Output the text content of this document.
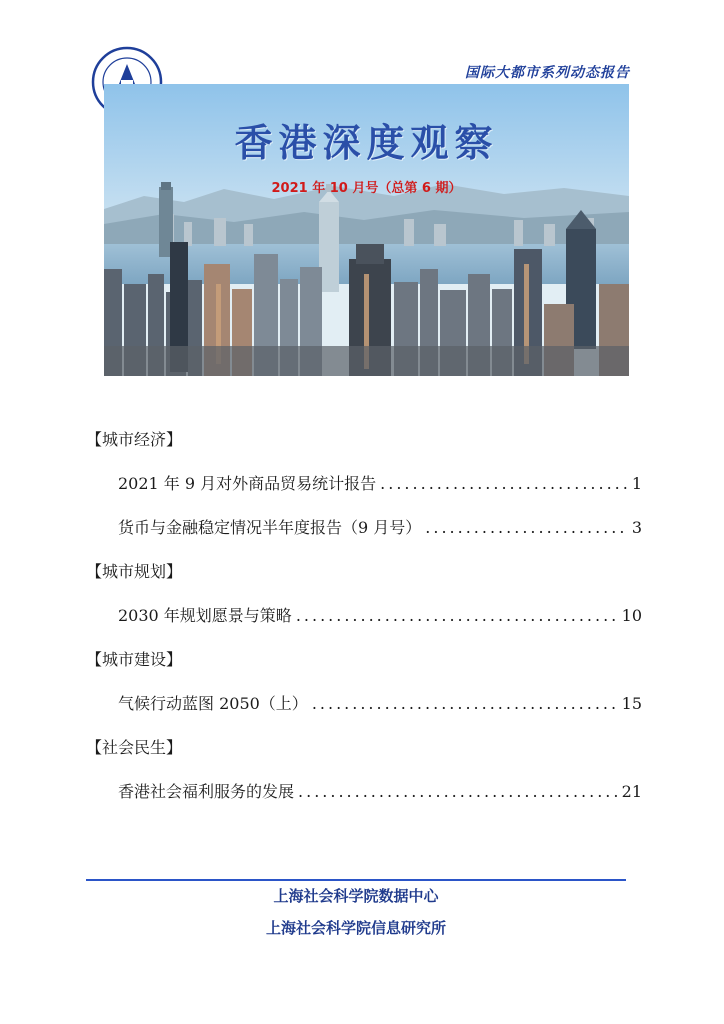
国际大都市系列动态报告
香港深度观察
2021 年 10 月号（总第 6 期）
【城市经济】
2021 年 9 月对外商品贸易统计报告 .....	1
货币与金融稳定情况半年度报告（9 月号） .....	3
【城市规划】
2030 年规划愿景与策略 .....	10
【城市建设】
气候行动蓝图 2050（上） .....	15
【社会民生】
香港社会福利服务的发展 .....	21
上海社会科学院数据中心
上海社会科学院信息研究所
